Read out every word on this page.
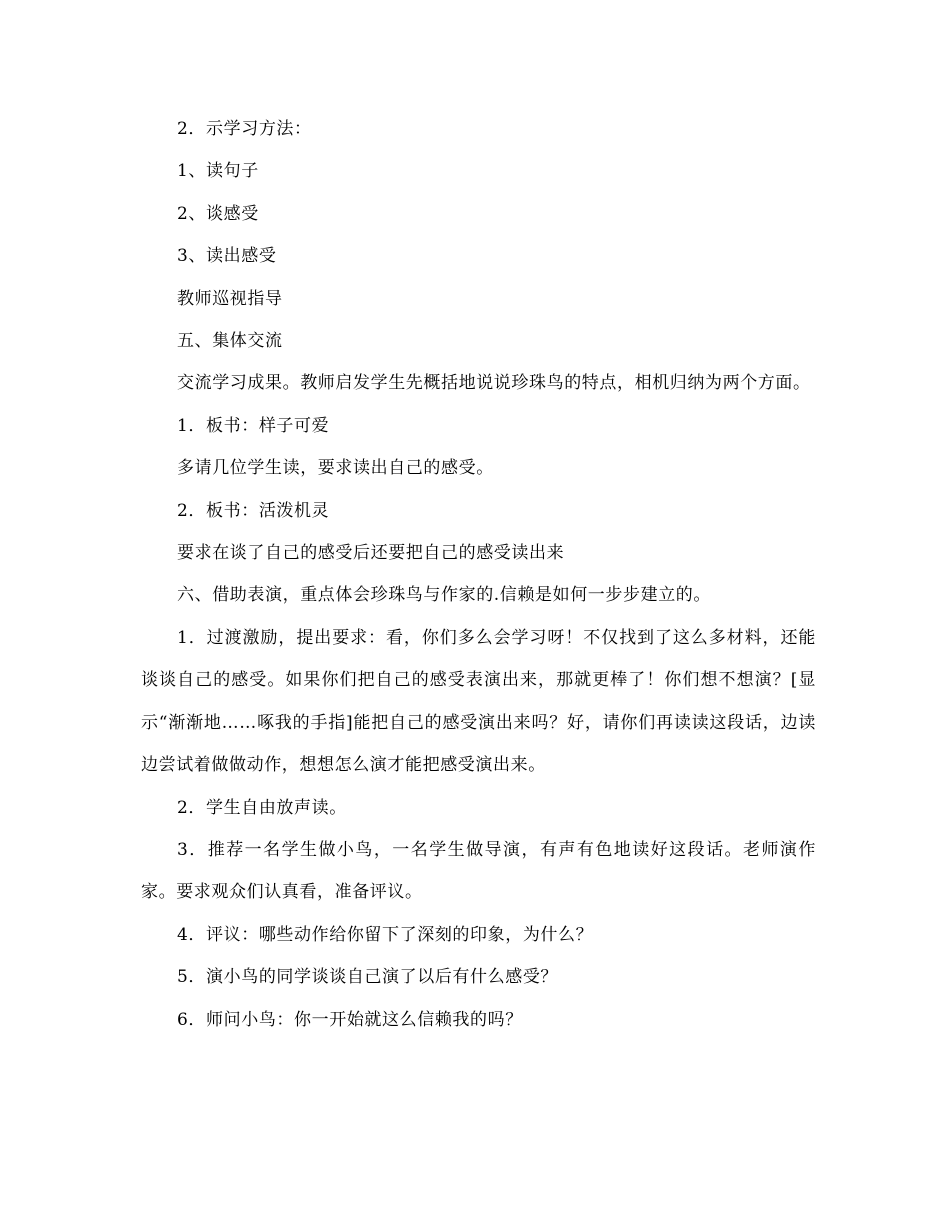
2．示学习方法：

1、读句子

2、谈感受

3、读出感受

教师巡视指导

五、集体交流

交流学习成果。教师启发学生先概括地说说珍珠鸟的特点，相机归纳为两个方面。

1．板书：样子可爱

多请几位学生读，要求读出自己的感受。

2．板书：活泼机灵

要求在谈了自己的感受后还要把自己的感受读出来

六、借助表演，重点体会珍珠鸟与作家的.信赖是如何一步步建立的。

1．过渡激励，提出要求：看，你们多么会学习呀！不仅找到了这么多材料，还能谈谈自己的感受。如果你们把自己的感受表演出来，那就更棒了！你们想不想演？[显示“渐渐地……啄我的手指]能把自己的感受演出来吗？好，请你们再读读这段话，边读边尝试着做做动作，想想怎么演才能把感受演出来。

2．学生自由放声读。

3．推荐一名学生做小鸟，一名学生做导演，有声有色地读好这段话。老师演作家。要求观众们认真看，准备评议。

4．评议：哪些动作给你留下了深刻的印象，为什么？

5．演小鸟的同学谈谈自己演了以后有什么感受？

6．师问小鸟：你一开始就这么信赖我的吗？
